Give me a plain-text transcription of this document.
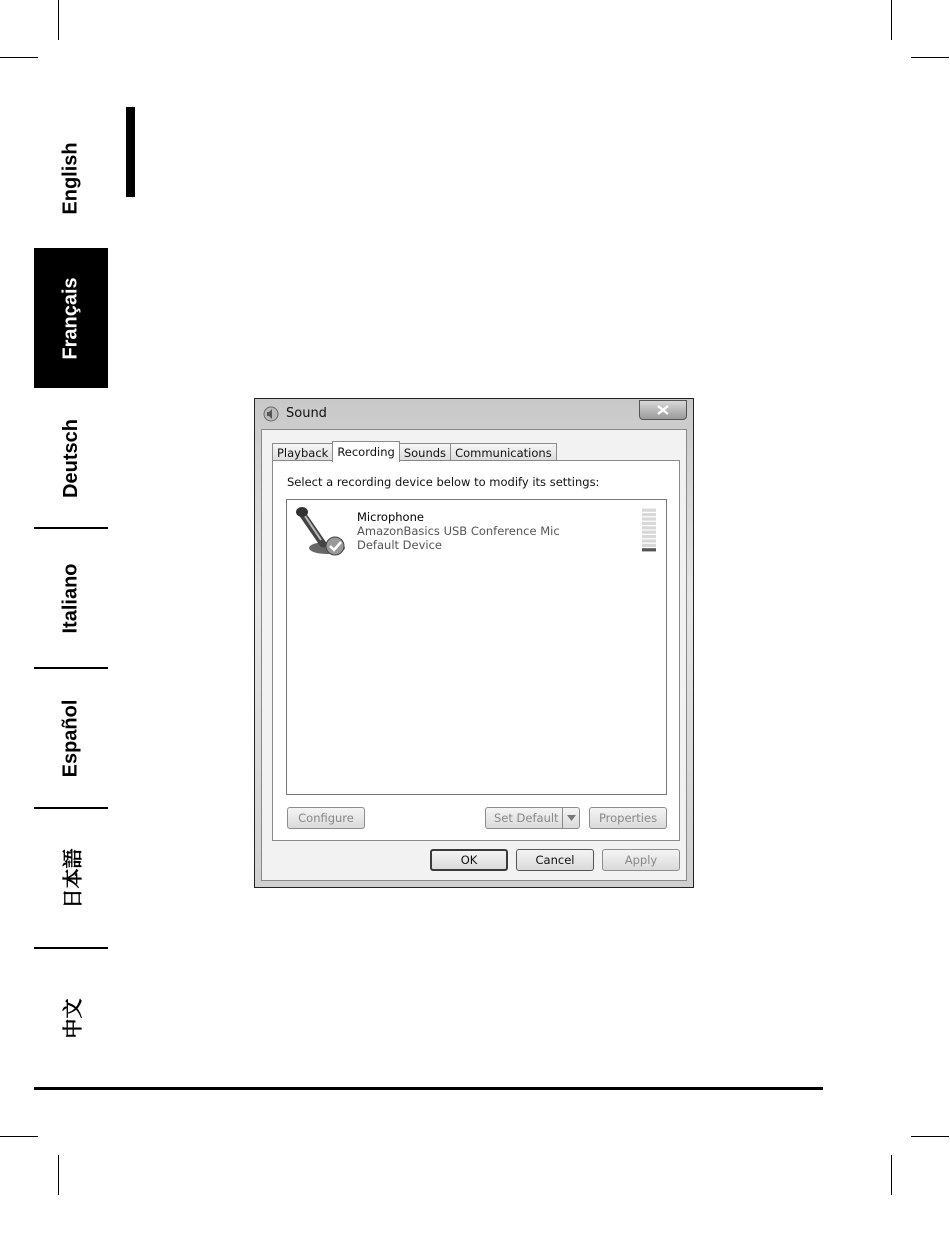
English
Français
Deutsch
Italiano
Español
日本語
中文
Sound
Playback Recording Sounds Communications
Select a recording device below to modify its settings:
Microphone
AmazonBasics USB Conference Mic
Default Device
Configure	Set Default	Properties
OK	Cancel	Apply
